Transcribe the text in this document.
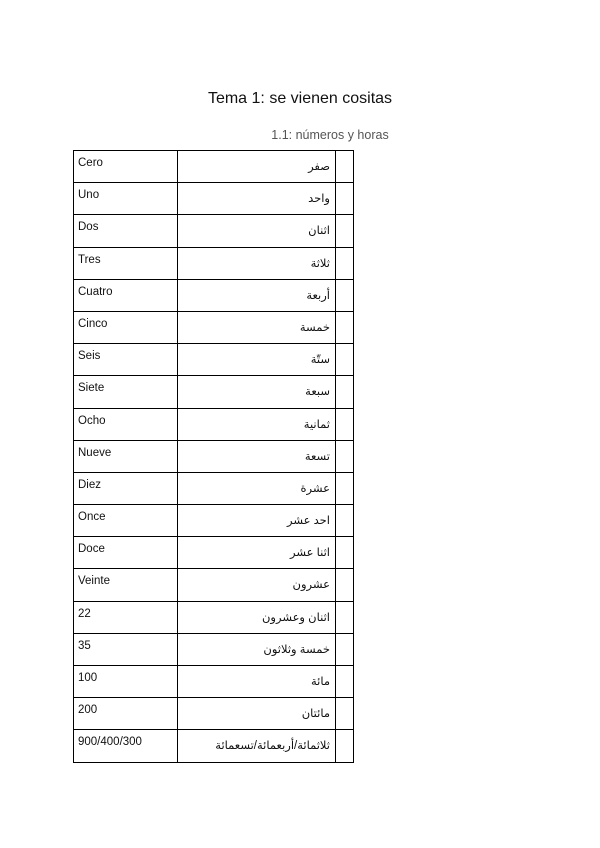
Tema 1: se vienen cositas
1.1: números y horas
Cero	صفر	
Uno	واحد	
Dos	اثنان	
Tres	ثلاثة	
Cuatro	أربعة	
Cinco	خمسة	
Seis	ستّة	
Siete	سبعة	
Ocho	ثمانية	
Nueve	تسعة	
Diez	عشرة	
Once	احد عشر	
Doce	اثنا عشر	
Veinte	عشرون	
22	اثنان وعشرون	
35	خمسة وثلاثون	
100	مائة	
200	مائتان	
900/400/300	ثلاثمائة/أربعمائة/تسعمائة	
